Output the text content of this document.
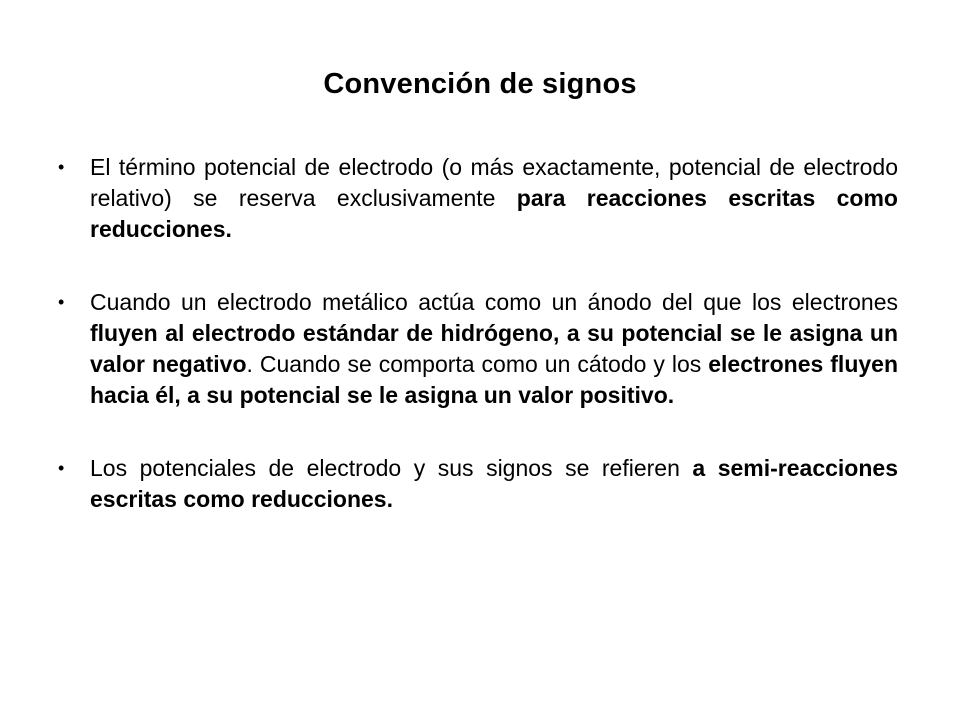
Convención de signos
•	El término potencial de electrodo (o más exactamente, potencial de electrodo relativo) se reserva exclusivamente para reacciones escritas como reducciones.
•	Cuando un electrodo metálico actúa como un ánodo del que los electrones fluyen al electrodo estándar de hidrógeno, a su potencial se le asigna un valor negativo. Cuando se comporta como un cátodo y los electrones fluyen hacia él, a su potencial se le asigna un valor positivo.
•	Los potenciales de electrodo y sus signos se refieren a semi-reacciones escritas como reducciones.
